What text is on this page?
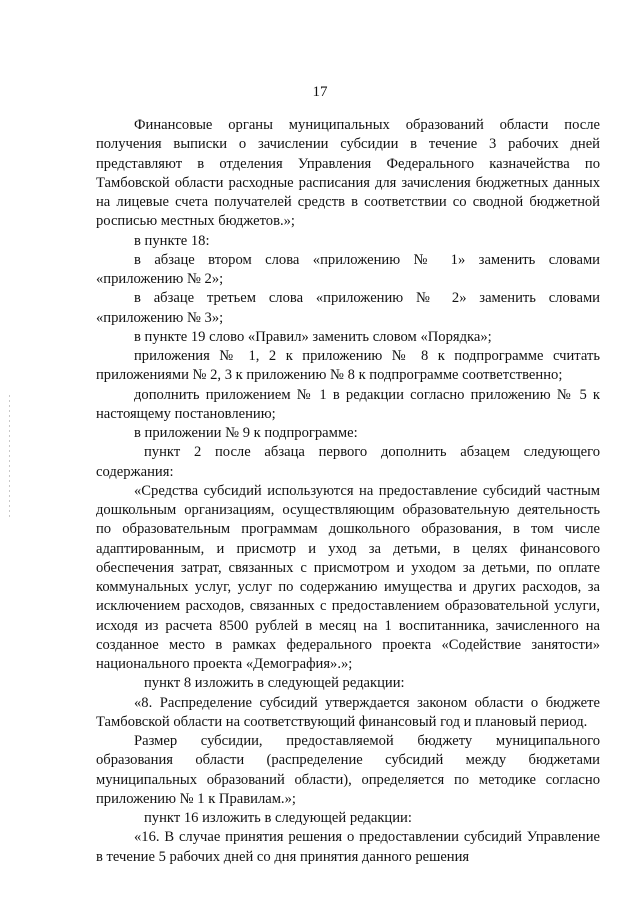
17

Финансовые органы муниципальных образований области после получения выписки о зачислении субсидии в течение 3 рабочих дней представляют в отделения Управления Федерального казначейства по Тамбовской области расходные расписания для зачисления бюджетных данных на лицевые счета получателей средств в соответствии со сводной бюджетной росписью местных бюджетов.»;

в пункте 18:

в абзаце втором слова «приложению № 1» заменить словами «приложению № 2»;

в абзаце третьем слова «приложению № 2» заменить словами «приложению № 3»;

в пункте 19 слово «Правил» заменить словом «Порядка»;

приложения № 1, 2 к приложению № 8 к подпрограмме считать приложениями № 2, 3 к приложению № 8 к подпрограмме соответственно;

дополнить приложением № 1 в редакции согласно приложению № 5 к настоящему постановлению;

в приложении № 9 к подпрограмме:

пункт 2 после абзаца первого дополнить абзацем следующего содержания:

«Средства субсидий используются на предоставление субсидий частным дошкольным организациям, осуществляющим образовательную деятельность по образовательным программам дошкольного образования, в том числе адаптированным, и присмотр и уход за детьми, в целях финансового обеспечения затрат, связанных с присмотром и уходом за детьми, по оплате коммунальных услуг, услуг по содержанию имущества и других расходов, за исключением расходов, связанных с предоставлением образовательной услуги, исходя из расчета 8500 рублей в месяц на 1 воспитанника, зачисленного на созданное место в рамках федерального проекта «Содействие занятости» национального проекта «Демография».»;

пункт 8 изложить в следующей редакции:

«8. Распределение субсидий утверждается законом области о бюджете Тамбовской области на соответствующий финансовый год и плановый период.

Размер субсидии, предоставляемой бюджету муниципального образования области (распределение субсидий между бюджетами муниципальных образований области), определяется по методике согласно приложению № 1 к Правилам.»;

пункт 16 изложить в следующей редакции:

«16. В случае принятия решения о предоставлении субсидий Управление в течение 5 рабочих дней со дня принятия данного решения
